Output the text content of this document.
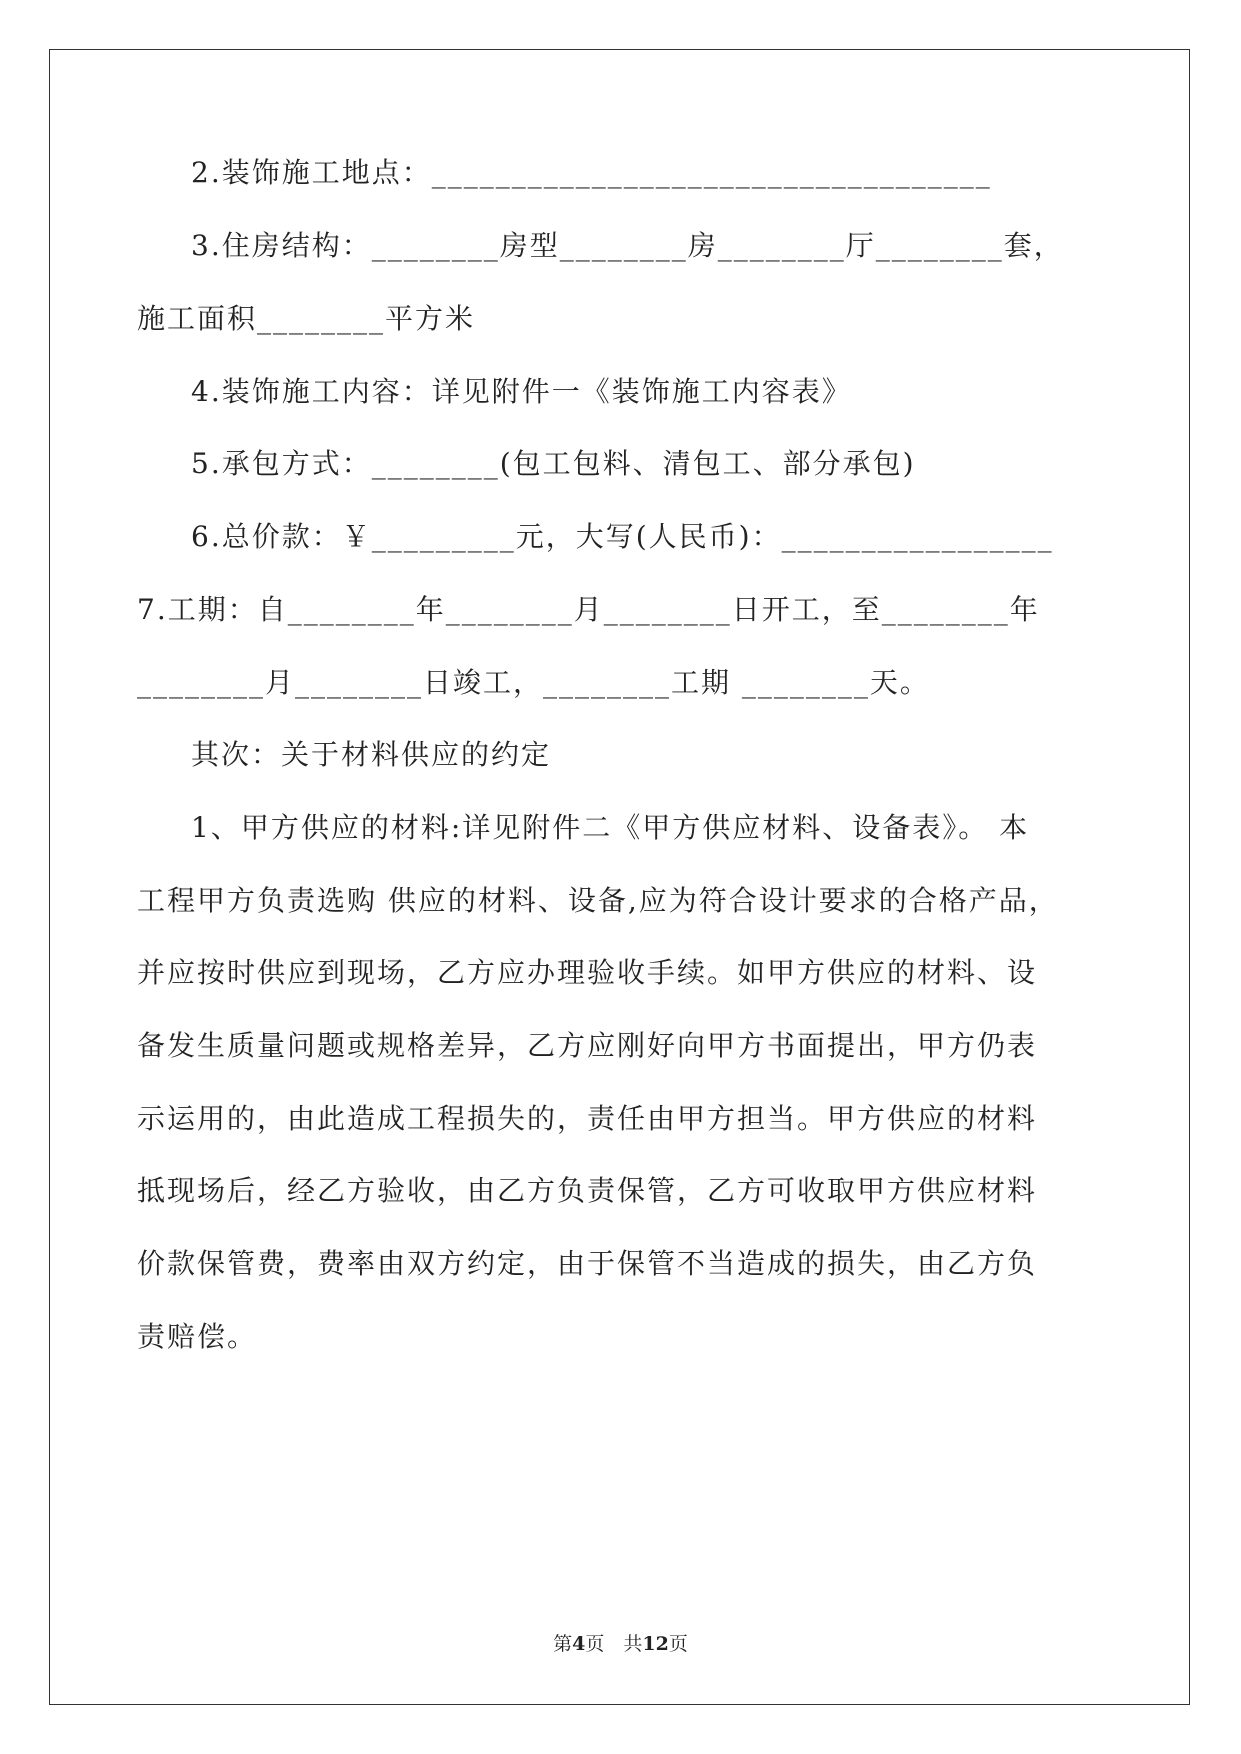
2.装饰施工地点：___________________________________
3.住房结构：________房型________房________厅________套，
施工面积________平方米
4.装饰施工内容：详见附件一《装饰施工内容表》
5.承包方式：________(包工包料、清包工、部分承包)
6.总价款：￥_________元，大写(人民币)：_________________
7.工期：自________年________月________日开工，至________年
________月________日竣工，________工期 ________天。
其次：关于材料供应的约定
1、甲方供应的材料:详见附件二《甲方供应材料、设备表》。 本
工程甲方负责选购 供应的材料、设备,应为符合设计要求的合格产品，
并应按时供应到现场，乙方应办理验收手续。如甲方供应的材料、设
备发生质量问题或规格差异，乙方应刚好向甲方书面提出，甲方仍表
示运用的，由此造成工程损失的，责任由甲方担当。甲方供应的材料
抵现场后，经乙方验收，由乙方负责保管，乙方可收取甲方供应材料
价款保管费，费率由双方约定，由于保管不当造成的损失，由乙方负
责赔偿。
第4页　共12页
